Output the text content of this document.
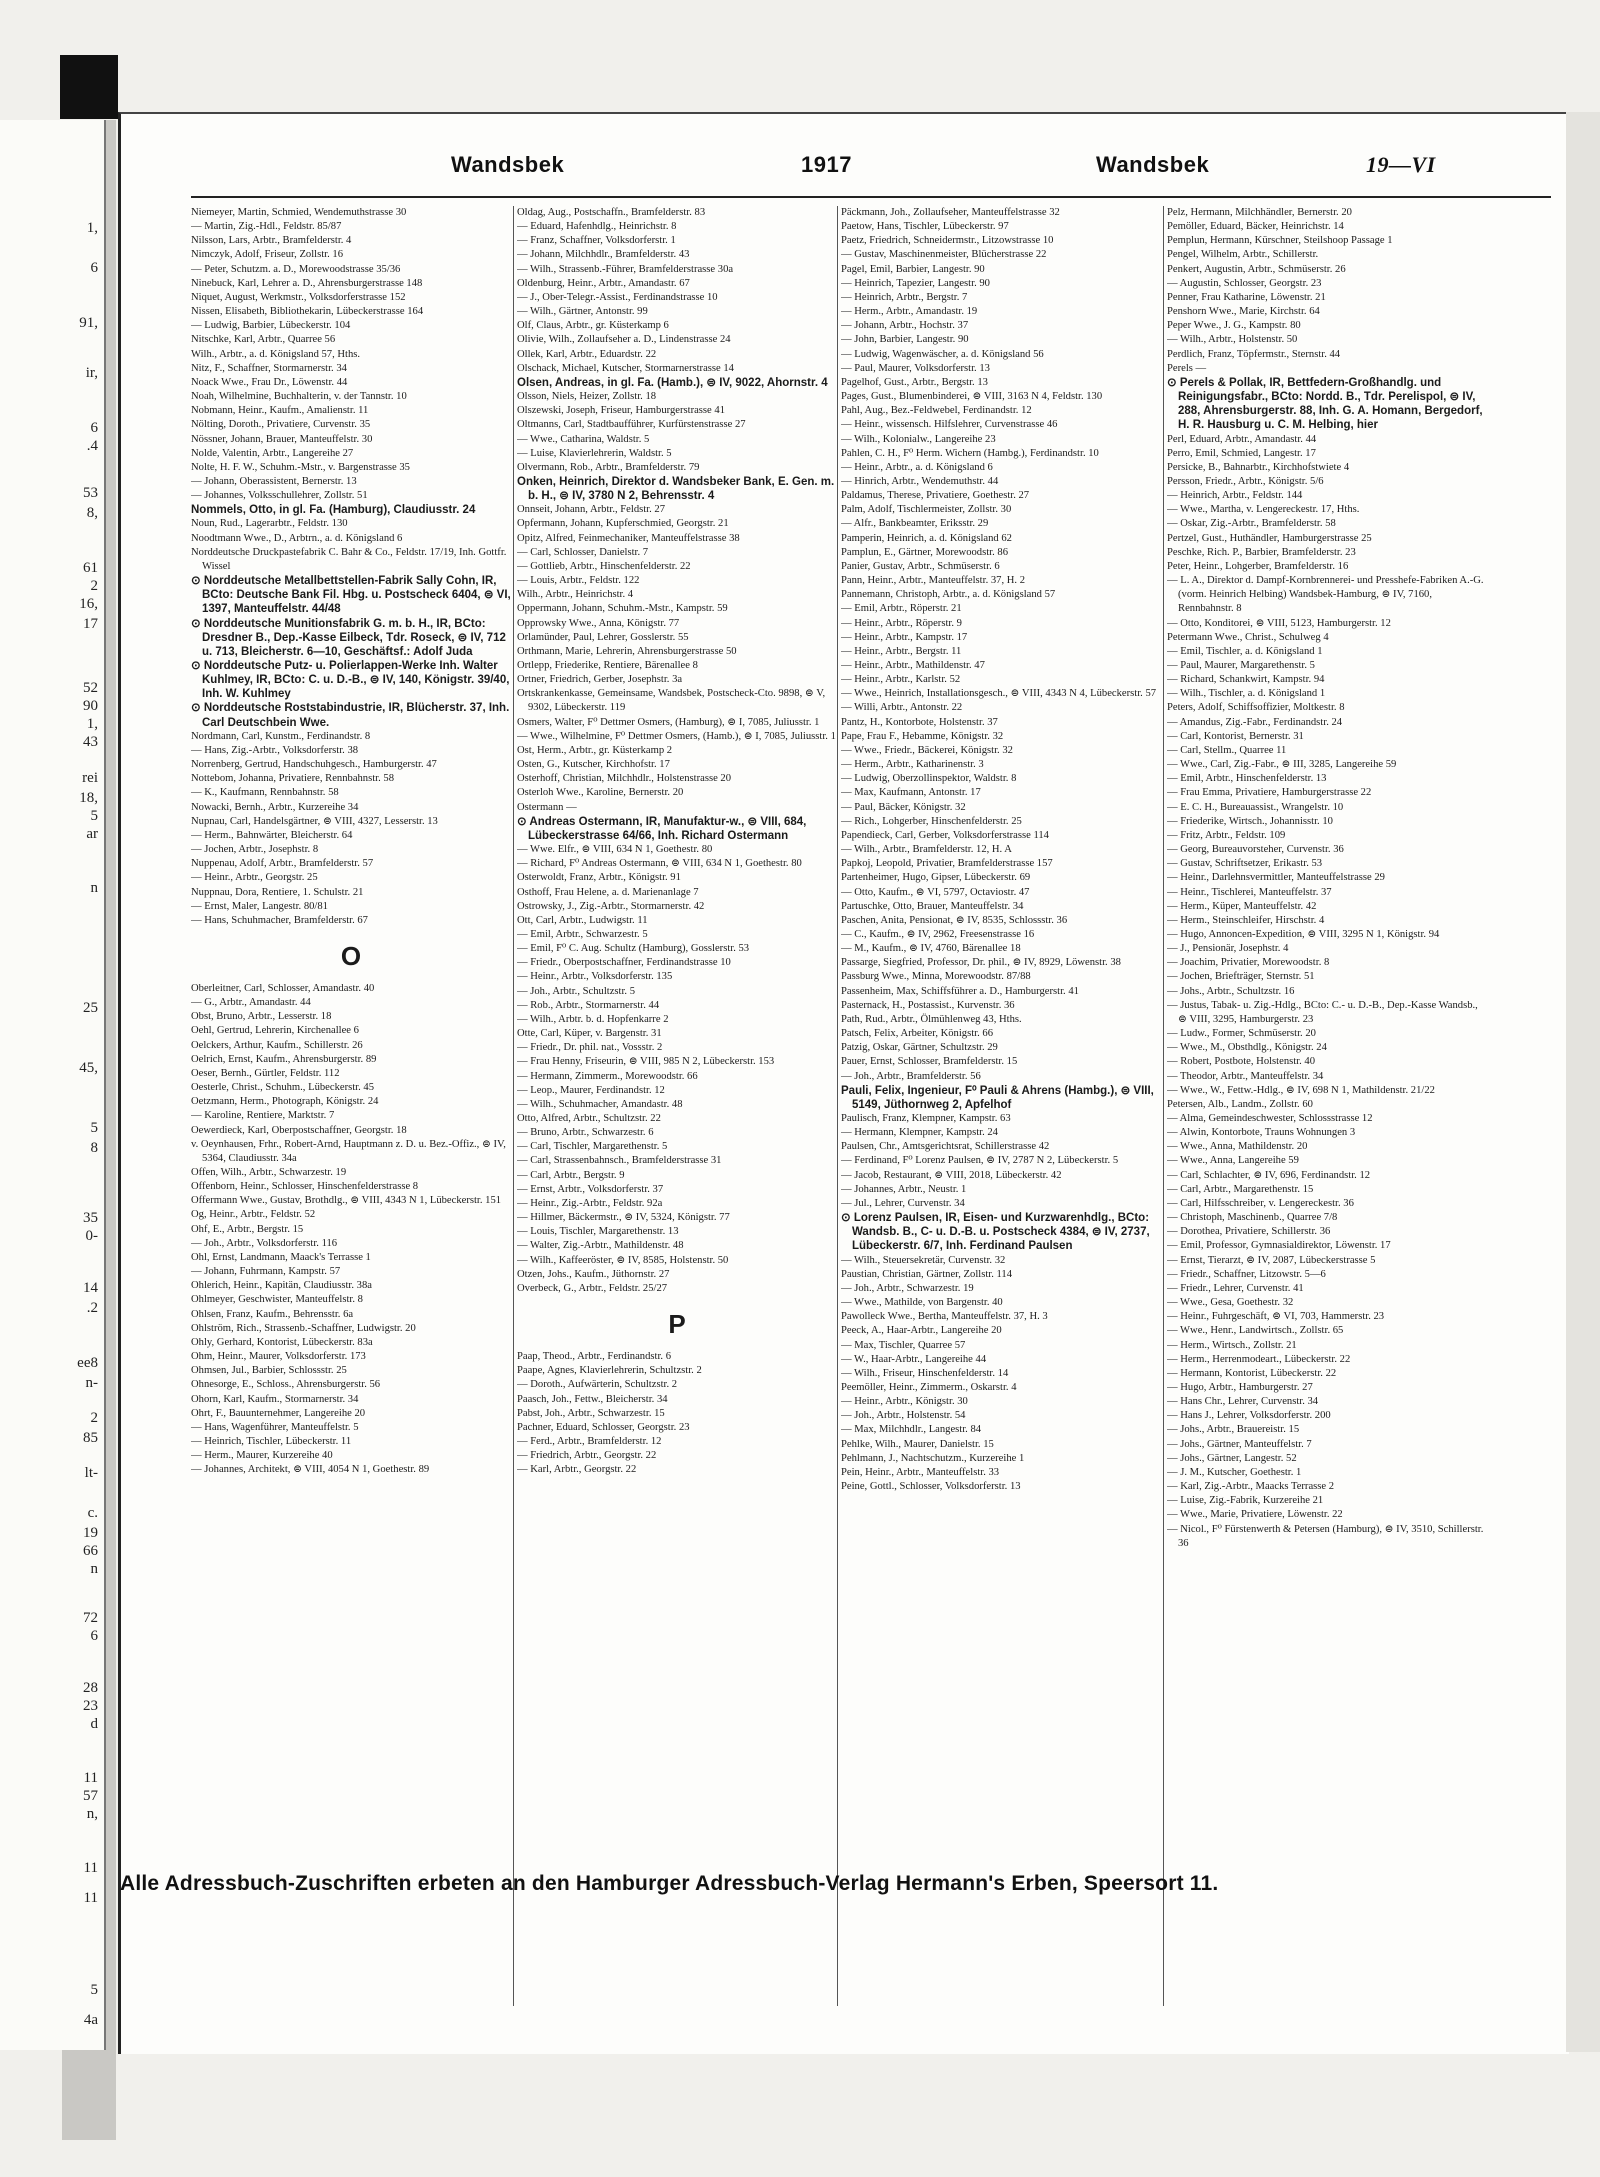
1,
6
91,
ir,
6
.4
53
8,
61
2
16,
17
52
90
1,
43
rei
18,
5
ar
n
25
45,
5
8
35
0-
14
.2
ee8
n-
2
85
lt-
c.
19
66
n
72
6
28
23
d
11
57
n,
11
11
5
4a
Wandsbek	1917	Wandsbek	19—VI

Niemeyer, Martin, Schmied, Wendemuthstrasse 30

— Martin, Zig.-Hdl., Feldstr. 85/87

Nilsson, Lars, Arbtr., Bramfelderstr. 4

Nimczyk, Adolf, Friseur, Zollstr. 16

— Peter, Schutzm. a. D., Morewoodstrasse 35/36

Ninebuck, Karl, Lehrer a. D., Ahrensburgerstrasse 148

Niquet, August, Werkmstr., Volksdorferstrasse 152

Nissen, Elisabeth, Bibliothekarin, Lübeckerstrasse 164

— Ludwig, Barbier, Lübeckerstr. 104

Nitschke, Karl, Arbtr., Quarree 56

Wilh., Arbtr., a. d. Königsland 57, Hths.

Nitz, F., Schaffner, Stormarnerstr. 34

Noack Wwe., Frau Dr., Löwenstr. 44

Noah, Wilhelmine, Buchhalterin, v. der Tannstr. 10

Nobmann, Heinr., Kaufm., Amalienstr. 11

Nölting, Doroth., Privatiere, Curvenstr. 35

Nössner, Johann, Brauer, Manteuffelstr. 30

Nolde, Valentin, Arbtr., Langereihe 27

Nolte, H. F. W., Schuhm.-Mstr., v. Bargenstrasse 35

— Johann, Oberassistent, Bernerstr. 13

— Johannes, Volksschullehrer, Zollstr. 51

Nommels, Otto, in gl. Fa. (Hamburg), Claudiusstr. 24

Noun, Rud., Lagerarbtr., Feldstr. 130

Noodtmann Wwe., D., Arbtrn., a. d. Königsland 6

Norddeutsche Druckpastefabrik C. Bahr & Co., Feldstr. 17/19, Inh. Gottfr. Wissel

⊙ Norddeutsche Metallbettstellen-Fabrik Sally Cohn, IR, BCto: Deutsche Bank Fil. Hbg. u. Postscheck 6404, ⊜ VI, 1397, Manteuffelstr. 44/48

⊙ Norddeutsche Munitionsfabrik G. m. b. H., IR, BCto: Dresdner B., Dep.-Kasse Eilbeck, Tdr. Roseck, ⊜ IV, 712 u. 713, Bleicherstr. 6—10, Geschäftsf.: Adolf Juda

⊙ Norddeutsche Putz- u. Polierlappen-Werke Inh. Walter Kuhlmey, IR, BCto: C. u. D.-B., ⊜ IV, 140, Königstr. 39/40, Inh. W. Kuhlmey

⊙ Norddeutsche Roststabindustrie, IR, Blücherstr. 37, Inh. Carl Deutschbein Wwe.

Nordmann, Carl, Kunstm., Ferdinandstr. 8

— Hans, Zig.-Arbtr., Volksdorferstr. 38

Norrenberg, Gertrud, Handschuhgesch., Hamburgerstr. 47

Nottebom, Johanna, Privatiere, Rennbahnstr. 58

— K., Kaufmann, Rennbahnstr. 58

Nowacki, Bernh., Arbtr., Kurzereihe 34

Nupnau, Carl, Handelsgärtner, ⊜ VIII, 4327, Lesserstr. 13

— Herm., Bahnwärter, Bleicherstr. 64

— Jochen, Arbtr., Josephstr. 8

Nuppenau, Adolf, Arbtr., Bramfelderstr. 57

— Heinr., Arbtr., Georgstr. 25

Nuppnau, Dora, Rentiere, 1. Schulstr. 21

— Ernst, Maler, Langestr. 80/81

— Hans, Schuhmacher, Bramfelderstr. 67

O

Oberleitner, Carl, Schlosser, Amandastr. 40

— G., Arbtr., Amandastr. 44

Obst, Bruno, Arbtr., Lesserstr. 18

Oehl, Gertrud, Lehrerin, Kirchenallee 6

Oelckers, Arthur, Kaufm., Schillerstr. 26

Oelrich, Ernst, Kaufm., Ahrensburgerstr. 89

Oeser, Bernh., Gürtler, Feldstr. 112

Oesterle, Christ., Schuhm., Lübeckerstr. 45

Oetzmann, Herm., Photograph, Königstr. 24

— Karoline, Rentiere, Marktstr. 7

Oewerdieck, Karl, Oberpostschaffner, Georgstr. 18

v. Oeynhausen, Frhr., Robert-Arnd, Hauptmann z. D. u. Bez.-Offiz., ⊜ IV, 5364, Claudiusstr. 34a

Offen, Wilh., Arbtr., Schwarzestr. 19

Offenborn, Heinr., Schlosser, Hinschenfelderstrasse 8

Offermann Wwe., Gustav, Brothdlg., ⊜ VIII, 4343 N 1, Lübeckerstr. 151

Og, Heinr., Arbtr., Feldstr. 52

Ohf, E., Arbtr., Bergstr. 15

— Joh., Arbtr., Volksdorferstr. 116

Ohl, Ernst, Landmann, Maack's Terrasse 1

— Johann, Fuhrmann, Kampstr. 57

Ohlerich, Heinr., Kapitän, Claudiusstr. 38a

Ohlmeyer, Geschwister, Manteuffelstr. 8

Ohlsen, Franz, Kaufm., Behrensstr. 6a

Ohlström, Rich., Strassenb.-Schaffner, Ludwigstr. 20

Ohly, Gerhard, Kontorist, Lübeckerstr. 83a

Ohm, Heinr., Maurer, Volksdorferstr. 173

Ohmsen, Jul., Barbier, Schlossstr. 25

Ohnesorge, E., Schloss., Ahrensburgerstr. 56

Ohorn, Karl, Kaufm., Stormarnerstr. 34

Ohrt, F., Bauunternehmer, Langereihe 20

— Hans, Wagenführer, Manteuffelstr. 5

— Heinrich, Tischler, Lübeckerstr. 11

— Herm., Maurer, Kurzereihe 40

— Johannes, Architekt, ⊜ VIII, 4054 N 1, Goethestr. 89

Oldag, Aug., Postschaffn., Bramfelderstr. 83

— Eduard, Hafenhdlg., Heinrichstr. 8

— Franz, Schaffner, Volksdorferstr. 1

— Johann, Milchhdlr., Bramfelderstr. 43

— Wilh., Strassenb.-Führer, Bramfelderstrasse 30a

Oldenburg, Heinr., Arbtr., Amandastr. 67

— J., Ober-Telegr.-Assist., Ferdinandstrasse 10

— Wilh., Gärtner, Antonstr. 99

Olf, Claus, Arbtr., gr. Küsterkamp 6

Olivie, Wilh., Zollaufseher a. D., Lindenstrasse 24

Ollek, Karl, Arbtr., Eduardstr. 22

Olschack, Michael, Kutscher, Stormarnerstrasse 14

Olsen, Andreas, in gl. Fa. (Hamb.), ⊜ IV, 9022, Ahornstr. 4

Olsson, Niels, Heizer, Zollstr. 18

Olszewski, Joseph, Friseur, Hamburgerstrasse 41

Oltmanns, Carl, Stadtbaufführer, Kurfürstenstrasse 27

— Wwe., Catharina, Waldstr. 5

— Luise, Klavierlehrerin, Waldstr. 5

Olvermann, Rob., Arbtr., Bramfelderstr. 79

Onken, Heinrich, Direktor d. Wandsbeker Bank, E. Gen. m. b. H., ⊜ IV, 3780 N 2, Behrensstr. 4

Onnseit, Johann, Arbtr., Feldstr. 27

Opfermann, Johann, Kupferschmied, Georgstr. 21

Opitz, Alfred, Feinmechaniker, Manteuffelstrasse 38

— Carl, Schlosser, Danielstr. 7

— Gottlieb, Arbtr., Hinschenfelderstr. 22

— Louis, Arbtr., Feldstr. 122

Wilh., Arbtr., Heinrichstr. 4

Oppermann, Johann, Schuhm.-Mstr., Kampstr. 59

Opprowsky Wwe., Anna, Königstr. 77

Orlamünder, Paul, Lehrer, Gosslerstr. 55

Orthmann, Marie, Lehrerin, Ahrensburgerstrasse 50

Ortlepp, Friederike, Rentiere, Bärenallee 8

Ortner, Friedrich, Gerber, Josephstr. 3a

Ortskrankenkasse, Gemeinsame, Wandsbek, Postscheck-Cto. 9898, ⊜ V, 9302, Lübeckerstr. 119

Osmers, Walter, F⁰ Dettmer Osmers, (Hamburg), ⊜ I, 7085, Juliusstr. 1

— Wwe., Wilhelmine, F⁰ Dettmer Osmers, (Hamb.), ⊜ I, 7085, Juliusstr. 1

Ost, Herm., Arbtr., gr. Küsterkamp 2

Osten, G., Kutscher, Kirchhofstr. 17

Osterhoff, Christian, Milchhdlr., Holstenstrasse 20

Osterloh Wwe., Karoline, Bernerstr. 20

Ostermann —

⊙ Andreas Ostermann, IR, Manufaktur-w., ⊜ VIII, 684, Lübeckerstrasse 64/66, Inh. Richard Ostermann

— Wwe. Elfr., ⊜ VIII, 634 N 1, Goethestr. 80

— Richard, F⁰ Andreas Ostermann, ⊜ VIII, 634 N 1, Goethestr. 80

Osterwoldt, Franz, Arbtr., Königstr. 91

Osthoff, Frau Helene, a. d. Marienanlage 7

Ostrowsky, J., Zig.-Arbtr., Stormarnerstr. 42

Ott, Carl, Arbtr., Ludwigstr. 11

— Emil, Arbtr., Schwarzestr. 5

— Emil, F⁰ C. Aug. Schultz (Hamburg), Gosslerstr. 53

— Friedr., Oberpostschaffner, Ferdinandstrasse 10

— Heinr., Arbtr., Volksdorferstr. 135

— Joh., Arbtr., Schultzstr. 5

— Rob., Arbtr., Stormarnerstr. 44

— Wilh., Arbtr. b. d. Hopfenkarre 2

Otte, Carl, Küper, v. Bargenstr. 31

— Friedr., Dr. phil. nat., Vossstr. 2

— Frau Henny, Friseurin, ⊜ VIII, 985 N 2, Lübeckerstr. 153

— Hermann, Zimmerm., Morewoodstr. 66

— Leop., Maurer, Ferdinandstr. 12

— Wilh., Schuhmacher, Amandastr. 48

Otto, Alfred, Arbtr., Schultzstr. 22

— Bruno, Arbtr., Schwarzestr. 6

— Carl, Tischler, Margarethenstr. 5

— Carl, Strassenbahnsch., Bramfelderstrasse 31

— Carl, Arbtr., Bergstr. 9

— Ernst, Arbtr., Volksdorferstr. 37

— Heinr., Zig.-Arbtr., Feldstr. 92a

— Hillmer, Bäckermstr., ⊜ IV, 5324, Königstr. 77

— Louis, Tischler, Margarethenstr. 13

— Walter, Zig.-Arbtr., Mathildenstr. 48

— Wilh., Kaffeeröster, ⊜ IV, 8585, Holstenstr. 50

Otzen, Johs., Kaufm., Jüthornstr. 27

Overbeck, G., Arbtr., Feldstr. 25/27

P

Paap, Theod., Arbtr., Ferdinandstr. 6

Paape, Agnes, Klavierlehrerin, Schultzstr. 2

— Doroth., Aufwärterin, Schultzstr. 2

Paasch, Joh., Fettw., Bleicherstr. 34

Pabst, Joh., Arbtr., Schwarzestr. 15

Pachner, Eduard, Schlosser, Georgstr. 23

— Ferd., Arbtr., Bramfelderstr. 12

— Friedrich, Arbtr., Georgstr. 22

— Karl, Arbtr., Georgstr. 22

Päckmann, Joh., Zollaufseher, Manteuffelstrasse 32

Paetow, Hans, Tischler, Lübeckerstr. 97

Paetz, Friedrich, Schneidermstr., Litzowstrasse 10

— Gustav, Maschinenmeister, Blücherstrasse 22

Pagel, Emil, Barbier, Langestr. 90

— Heinrich, Tapezier, Langestr. 90

— Heinrich, Arbtr., Bergstr. 7

— Herm., Arbtr., Amandastr. 19

— Johann, Arbtr., Hochstr. 37

— John, Barbier, Langestr. 90

— Ludwig, Wagenwäscher, a. d. Königsland 56

— Paul, Maurer, Volksdorferstr. 13

Pagelhof, Gust., Arbtr., Bergstr. 13

Pages, Gust., Blumenbinderei, ⊜ VIII, 3163 N 4, Feldstr. 130

Pahl, Aug., Bez.-Feldwebel, Ferdinandstr. 12

— Heinr., wissensch. Hilfslehrer, Curvenstrasse 46

— Wilh., Kolonialw., Langereihe 23

Pahlen, C. H., F⁰ Herm. Wichern (Hambg.), Ferdinandstr. 10

— Heinr., Arbtr., a. d. Königsland 6

— Hinrich, Arbtr., Wendemuthstr. 44

Paldamus, Therese, Privatiere, Goethestr. 27

Palm, Adolf, Tischlermeister, Zollstr. 30

— Alfr., Bankbeamter, Eriksstr. 29

Pamperin, Heinrich, a. d. Königsland 62

Pamplun, E., Gärtner, Morewoodstr. 86

Panier, Gustav, Arbtr., Schmüserstr. 6

Pann, Heinr., Arbtr., Manteuffelstr. 37, H. 2

Pannemann, Christoph, Arbtr., a. d. Königsland 57

— Emil, Arbtr., Röperstr. 21

— Heinr., Arbtr., Röperstr. 9

— Heinr., Arbtr., Kampstr. 17

— Heinr., Arbtr., Bergstr. 11

— Heinr., Arbtr., Mathildenstr. 47

— Heinr., Arbtr., Karlstr. 52

— Wwe., Heinrich, Installationsgesch., ⊜ VIII, 4343 N 4, Lübeckerstr. 57

— Willi, Arbtr., Antonstr. 22

Pantz, H., Kontorbote, Holstenstr. 37

Pape, Frau F., Hebamme, Königstr. 32

— Wwe., Friedr., Bäckerei, Königstr. 32

— Herm., Arbtr., Katharinenstr. 3

— Ludwig, Oberzollinspektor, Waldstr. 8

— Max, Kaufmann, Antonstr. 17

— Paul, Bäcker, Königstr. 32

— Rich., Lohgerber, Hinschenfelderstr. 25

Papendieck, Carl, Gerber, Volksdorferstrasse 114

— Wilh., Arbtr., Bramfelderstr. 12, H. A

Papkoj, Leopold, Privatier, Bramfelderstrasse 157

Partenheimer, Hugo, Gipser, Lübeckerstr. 69

— Otto, Kaufm., ⊜ VI, 5797, Octaviostr. 47

Partuschke, Otto, Brauer, Manteuffelstr. 34

Paschen, Anita, Pensionat, ⊜ IV, 8535, Schlossstr. 36

— C., Kaufm., ⊜ IV, 2962, Freesenstrasse 16

— M., Kaufm., ⊜ IV, 4760, Bärenallee 18

Passarge, Siegfried, Professor, Dr. phil., ⊜ IV, 8929, Löwenstr. 38

Passburg Wwe., Minna, Morewoodstr. 87/88

Passenheim, Max, Schiffsführer a. D., Hamburgerstr. 41

Pasternack, H., Postassist., Kurvenstr. 36

Path, Rud., Arbtr., Ölmühlenweg 43, Hths.

Patsch, Felix, Arbeiter, Königstr. 66

Patzig, Oskar, Gärtner, Schultzstr. 29

Pauer, Ernst, Schlosser, Bramfelderstr. 15

— Joh., Arbtr., Bramfelderstr. 56

Pauli, Felix, Ingenieur, F⁰ Pauli & Ahrens (Hambg.), ⊜ VIII, 5149, Jüthornweg 2, Apfelhof

Paulisch, Franz, Klempner, Kampstr. 63

— Hermann, Klempner, Kampstr. 24

Paulsen, Chr., Amtsgerichtsrat, Schillerstrasse 42

— Ferdinand, F⁰ Lorenz Paulsen, ⊜ IV, 2787 N 2, Lübeckerstr. 5

— Jacob, Restaurant, ⊜ VIII, 2018, Lübeckerstr. 42

— Johannes, Arbtr., Neustr. 1

— Jul., Lehrer, Curvenstr. 34

⊙ Lorenz Paulsen, IR, Eisen- und Kurzwarenhdlg., BCto: Wandsb. B., C- u. D.-B. u. Postscheck 4384, ⊜ IV, 2737, Lübeckerstr. 6/7, Inh. Ferdinand Paulsen

— Wilh., Steuersekretär, Curvenstr. 32

Paustian, Christian, Gärtner, Zollstr. 114

— Joh., Arbtr., Schwarzestr. 19

— Wwe., Mathilde, von Bargenstr. 40

Pawolleck Wwe., Bertha, Manteuffelstr. 37, H. 3

Peeck, A., Haar-Arbtr., Langereihe 20

— Max, Tischler, Quarree 57

— W., Haar-Arbtr., Langereihe 44

— Wilh., Friseur, Hinschenfelderstr. 14

Peemöller, Heinr., Zimmerm., Oskarstr. 4

— Heinr., Arbtr., Königstr. 30

— Joh., Arbtr., Holstenstr. 54

— Max, Milchhdlr., Langestr. 84

Pehlke, Wilh., Maurer, Danielstr. 15

Pehlmann, J., Nachtschutzm., Kurzereihe 1

Pein, Heinr., Arbtr., Manteuffelstr. 33

Peine, Gottl., Schlosser, Volksdorferstr. 13

Pelz, Hermann, Milchhändler, Bernerstr. 20

Pemöller, Eduard, Bäcker, Heinrichstr. 14

Pemplun, Hermann, Kürschner, Steilshoop Passage 1

Pengel, Wilhelm, Arbtr., Schillerstr.

Penkert, Augustin, Arbtr., Schmüserstr. 26

— Augustin, Schlosser, Georgstr. 23

Penner, Frau Katharine, Löwenstr. 21

Penshorn Wwe., Marie, Kirchstr. 64

Peper Wwe., J. G., Kampstr. 80

— Wilh., Arbtr., Holstenstr. 50

Perdlich, Franz, Töpfermstr., Sternstr. 44

Perels —

⊙ Perels & Pollak, IR, Bettfedern-Großhandlg. und Reinigungsfabr., BCto: Nordd. B., Tdr. Perelispol, ⊜ IV, 288, Ahrensburgerstr. 88, Inh. G. A. Homann, Bergedorf, H. R. Hausburg u. C. M. Helbing, hier

Perl, Eduard, Arbtr., Amandastr. 44

Perro, Emil, Schmied, Langestr. 17

Persicke, B., Bahnarbtr., Kirchhofstwiete 4

Persson, Friedr., Arbtr., Königstr. 5/6

— Heinrich, Arbtr., Feldstr. 144

— Wwe., Martha, v. Lengereckestr. 17, Hths.

— Oskar, Zig.-Arbtr., Bramfelderstr. 58

Pertzel, Gust., Huthändler, Hamburgerstrasse 25

Peschke, Rich. P., Barbier, Bramfelderstr. 23

Peter, Heinr., Lohgerber, Bramfelderstr. 16

— L. A., Direktor d. Dampf-Kornbrennerei- und Presshefe-Fabriken A.-G. (vorm. Heinrich Helbing) Wandsbek-Hamburg, ⊜ IV, 7160, Rennbahnstr. 8

— Otto, Konditorei, ⊜ VIII, 5123, Hamburgerstr. 12

Petermann Wwe., Christ., Schulweg 4

— Emil, Tischler, a. d. Königsland 1

— Paul, Maurer, Margarethenstr. 5

— Richard, Schankwirt, Kampstr. 94

— Wilh., Tischler, a. d. Königsland 1

Peters, Adolf, Schiffsoffizier, Moltkestr. 8

— Amandus, Zig.-Fabr., Ferdinandstr. 24

— Carl, Kontorist, Bernerstr. 31

— Carl, Stellm., Quarree 11

— Wwe., Carl, Zig.-Fabr., ⊜ III, 3285, Langereihe 59

— Emil, Arbtr., Hinschenfelderstr. 13

— Frau Emma, Privatiere, Hamburgerstrasse 22

— E. C. H., Bureauassist., Wrangelstr. 10

— Friederike, Wirtsch., Johannisstr. 10

— Fritz, Arbtr., Feldstr. 109

— Georg, Bureauvorsteher, Curvenstr. 36

— Gustav, Schriftsetzer, Erikastr. 53

— Heinr., Darlehnsvermittler, Manteuffelstrasse 29

— Heinr., Tischlerei, Manteuffelstr. 37

— Herm., Küper, Manteuffelstr. 42

— Herm., Steinschleifer, Hirschstr. 4

— Hugo, Annoncen-Expedition, ⊜ VIII, 3295 N 1, Königstr. 94

— J., Pensionär, Josephstr. 4

— Joachim, Privatier, Morewoodstr. 8

— Jochen, Briefträger, Sternstr. 51

— Johs., Arbtr., Schultzstr. 16

— Justus, Tabak- u. Zig.-Hdlg., BCto: C.- u. D.-B., Dep.-Kasse Wandsb., ⊜ VIII, 3295, Hamburgerstr. 23

— Ludw., Former, Schmüserstr. 20

— Wwe., M., Obsthdlg., Königstr. 24

— Robert, Postbote, Holstenstr. 40

— Theodor, Arbtr., Manteuffelstr. 34

— Wwe., W., Fettw.-Hdlg., ⊜ IV, 698 N 1, Mathildenstr. 21/22

Petersen, Alb., Landm., Zollstr. 60

— Alma, Gemeindeschwester, Schlossstrasse 12

— Alwin, Kontorbote, Trauns Wohnungen 3

— Wwe., Anna, Mathildenstr. 20

— Wwe., Anna, Langereihe 59

— Carl, Schlachter, ⊜ IV, 696, Ferdinandstr. 12

— Carl, Arbtr., Margarethenstr. 15

— Carl, Hilfsschreiber, v. Lengereckestr. 36

— Christoph, Maschinenb., Quarree 7/8

— Dorothea, Privatiere, Schillerstr. 36

— Emil, Professor, Gymnasialdirektor, Löwenstr. 17

— Ernst, Tierarzt, ⊜ IV, 2087, Lübeckerstrasse 5

— Friedr., Schaffner, Litzowstr. 5—6

— Friedr., Lehrer, Curvenstr. 41

— Wwe., Gesa, Goethestr. 32

— Heinr., Fuhrgeschäft, ⊜ VI, 703, Hammerstr. 23

— Wwe., Henr., Landwirtsch., Zollstr. 65

— Herm., Wirtsch., Zollstr. 21

— Herm., Herrenmodeart., Lübeckerstr. 22

— Hermann, Kontorist, Lübeckerstr. 22

— Hugo, Arbtr., Hamburgerstr. 27

— Hans Chr., Lehrer, Curvenstr. 34

— Hans J., Lehrer, Volksdorferstr. 200

— Johs., Arbtr., Brauereistr. 15

— Johs., Gärtner, Manteuffelstr. 7

— Johs., Gärtner, Langestr. 52

— J. M., Kutscher, Goethestr. 1

— Karl, Zig.-Arbtr., Maacks Terrasse 2

— Luise, Zig.-Fabrik, Kurzereihe 21

— Wwe., Marie, Privatiere, Löwenstr. 22

— Nicol., F⁰ Fürstenwerth & Petersen (Hamburg), ⊜ IV, 3510, Schillerstr. 36

Alle Adressbuch-Zuschriften erbeten an den Hamburger Adressbuch-Verlag Hermann's Erben, Speersort 11.
